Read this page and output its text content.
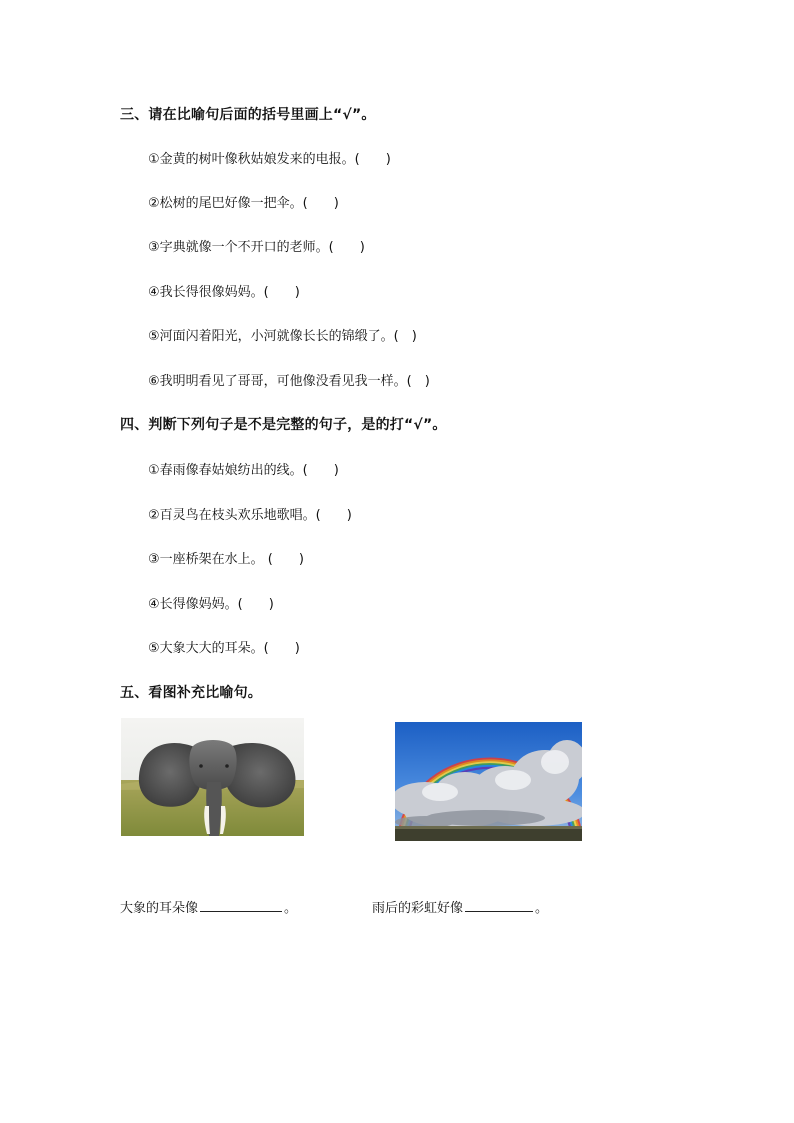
三、请在比喻句后面的括号里画上“√”。
①金黄的树叶像秋姑娘发来的电报。(　　)
②松树的尾巴好像一把伞。(　　)
③字典就像一个不开口的老师。(　　)
④我长得很像妈妈。(　　)
⑤河面闪着阳光，小河就像长长的锦缎了。(　)
⑥我明明看见了哥哥，可他像没看见我一样。(　)
四、判断下列句子是不是完整的句子，是的打“√”。
①春雨像春姑娘纺出的线。(　　)
②百灵鸟在枝头欢乐地歌唱。(　　)
③一座桥架在水上。 (　　)
④长得像妈妈。(　　)
⑤大象大大的耳朵。(　　)
五、看图补充比喻句。
大象的耳朵像	。	雨后的彩虹好像	。
